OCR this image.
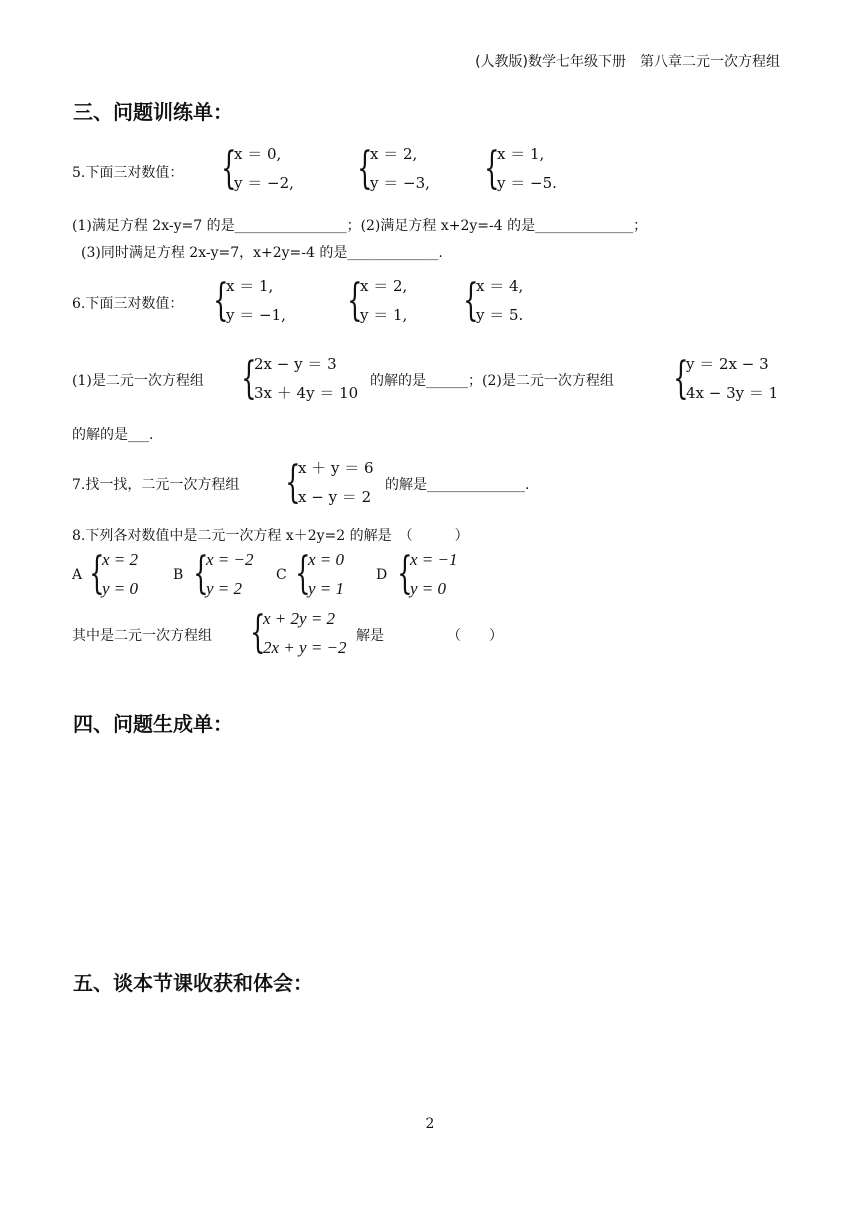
(人教版)数学七年级下册　第八章二元一次方程组
三、问题训练单：
5.下面三对数值： {
x ＝ 0,
y ＝ −2, {
x ＝ 2,
y ＝ −3, {
x ＝ 1,
y ＝ −5.
(1)满足方程 2x-y=7 的是________________；(2)满足方程 x+2y=-4 的是______________；
(3)同时满足方程 2x-y=7，x+2y=-4 的是_____________.
6.下面三对数值： {
x ＝ 1,
y ＝ −1, {
x ＝ 2,
y ＝ 1, {
x ＝ 4,
y ＝ 5.
(1)是二元一次方程组 {
2x − y ＝ 3
3x ＋ 4y ＝ 10
的解的是______；(2)是二元一次方程组 {
y ＝ 2x − 3
4x − 3y ＝ 1
的解的是___.
7.找一找，二元一次方程组 {
x ＋ y ＝ 6
x − y ＝ 2
的解是______________.
8.下列各对数值中是二元一次方程 x＋2y=2 的解是　（　　　）
A {
x = 2
y = 0
B {
x = −2
y = 2
C {
x = 0
y = 1
D {
x = −1
y = 0
其中是二元一次方程组 {
x + 2y = 2
2x + y = −2
解是　　　　　（　　）
四、问题生成单：
五、谈本节课收获和体会：
2
